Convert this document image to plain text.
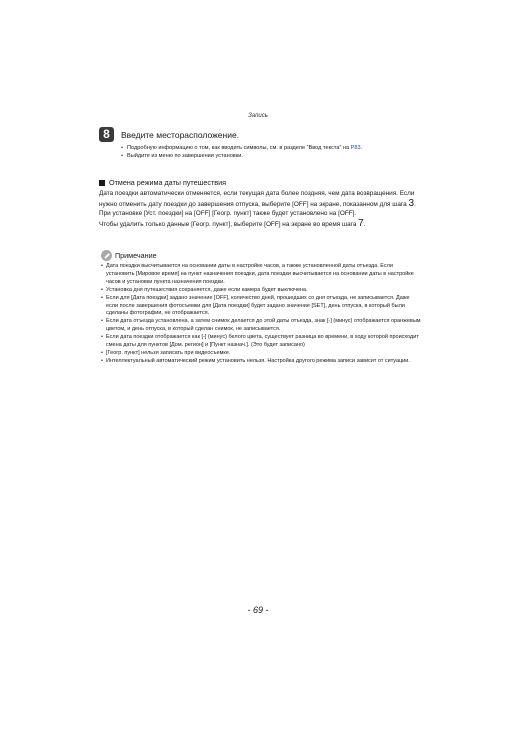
Запись
8	Введите месторасположение.
• Подробную информацию о том, как вводить символы, см. в разделе “Ввод текста” на P83.
• Выйдите из меню по завершении установки.
Отмена режима даты путешествия
Дата поездки автоматически отменяется, если текущая дата более поздняя, чем дата возвращения. Если нужно отменить дату поездки до завершения отпуска, выберите [OFF] на экране, показанном для шага 3. При установке [Уст. поездки] на [OFF] [Геогр. пункт] также будет установлено на [OFF].
Чтобы удалить только данные [Геогр. пункт], выберите [OFF] на экране во время шага 7.
Примечание
• Дата поездки высчитывается на основании даты в настройке часов, а также установленной даты отъезда. Если установить [Мировое время] на пункт назначения поездки, дата поездки высчитывается на основании даты в настройке часов и установки пункта назначения поездки.
• Установка дня путешествия сохраняется, даже если камера будет выключена.
• Если для [Дата поездки] задано значение [OFF], количество дней, прошедших со дня отъезда, не записывается. Даже если после завершения фотосъемки для [Дата поездки] будет задано значение [SET], день отпуска, в который были сделаны фотографии, не отображается.
• Если дата отъезда установлена, а затем снимок делается до этой даты отъезда, знак [-] (минус) отображается оранжевым цветом, и день отпуска, в который сделан снимок, не записывается.
• Если дата поездки отображается как [-] (минус) белого цвета, существует разница во времени, в ходу которой происходит смена даты для пунктов [Дом. регион] и [Пункт назнач.]. (Это будет записано)
• [Геогр. пункт] нельзя записать при видеосъемке.
• Интеллектуальный автоматический режим установить нельзя. Настройка другого режима записи зависит от ситуации.
- 69 -
